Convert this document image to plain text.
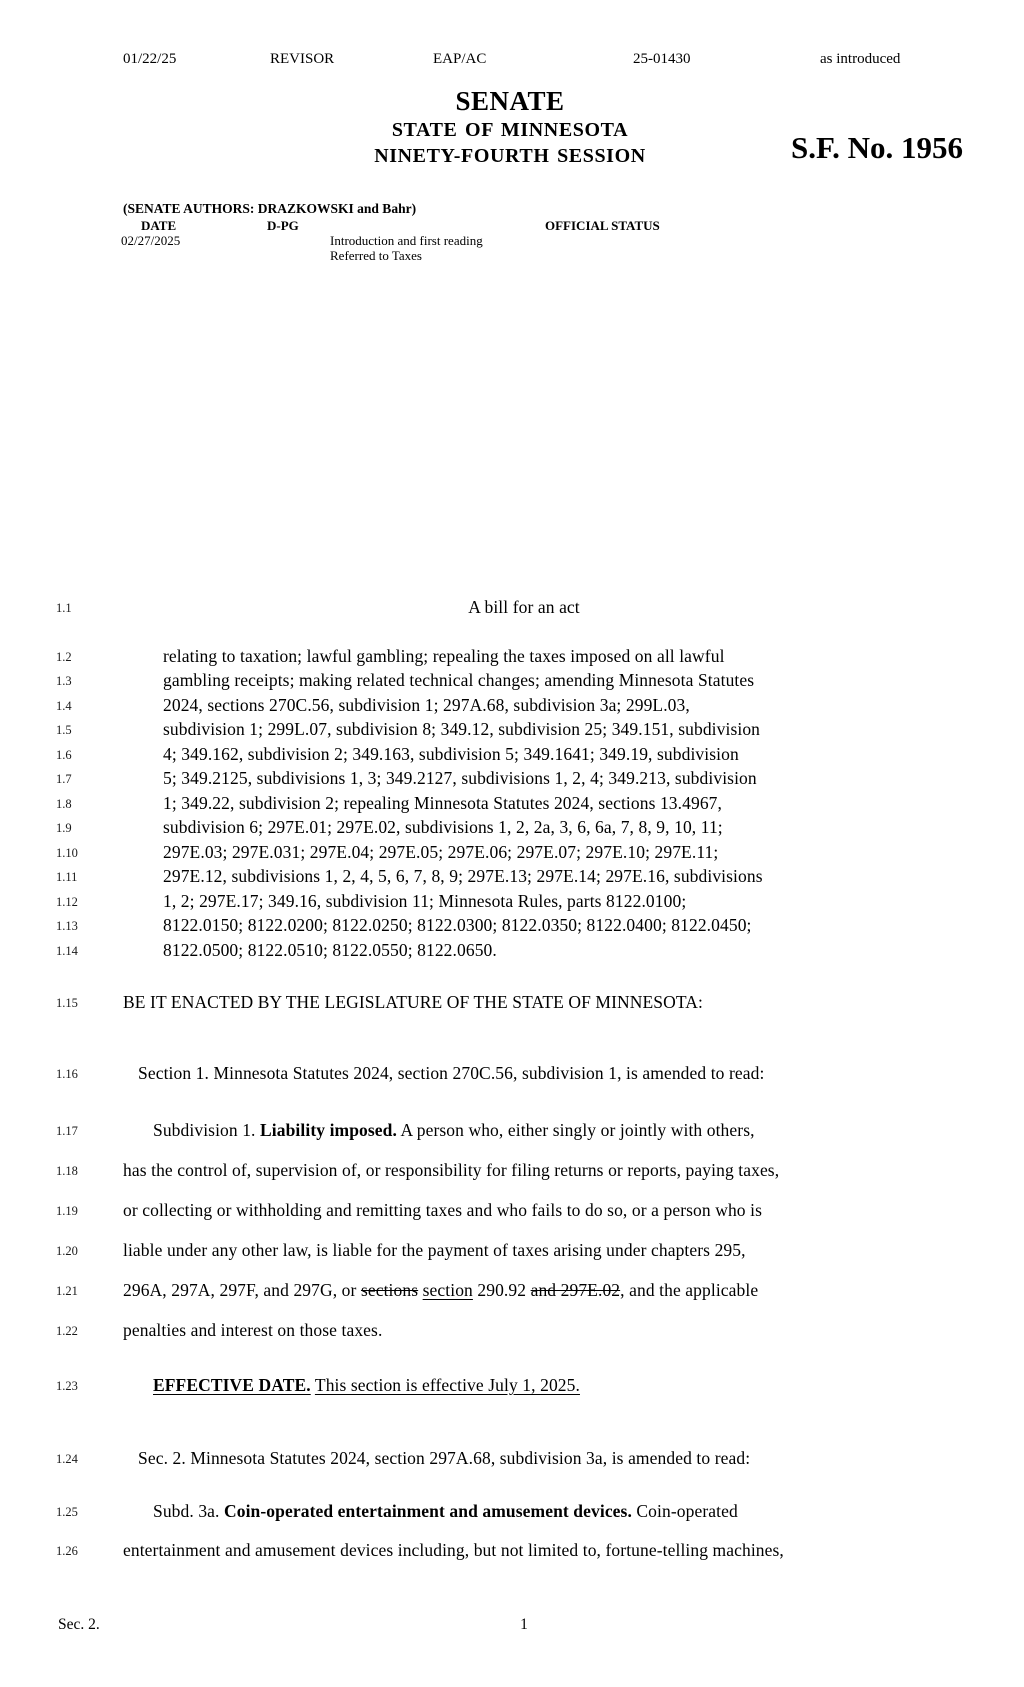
01/22/25	REVISOR	EAP/AC	25-01430	as introduced
SENATE
STATE OF MINNESOTA
NINETY-FOURTH SESSION	S.F. No. 1956
(SENATE AUTHORS: DRAZKOWSKI and Bahr)
DATE	D-PG	OFFICIAL STATUS
02/27/2025	Introduction and first reading
Referred to Taxes
1.1	A bill for an act
1.2	relating to taxation; lawful gambling; repealing the taxes imposed on all lawful
1.3	gambling receipts; making related technical changes; amending Minnesota Statutes
1.4	2024, sections 270C.56, subdivision 1; 297A.68, subdivision 3a; 299L.03,
1.5	subdivision 1; 299L.07, subdivision 8; 349.12, subdivision 25; 349.151, subdivision
1.6	4; 349.162, subdivision 2; 349.163, subdivision 5; 349.1641; 349.19, subdivision
1.7	5; 349.2125, subdivisions 1, 3; 349.2127, subdivisions 1, 2, 4; 349.213, subdivision
1.8	1; 349.22, subdivision 2; repealing Minnesota Statutes 2024, sections 13.4967,
1.9	subdivision 6; 297E.01; 297E.02, subdivisions 1, 2, 2a, 3, 6, 6a, 7, 8, 9, 10, 11;
1.10	297E.03; 297E.031; 297E.04; 297E.05; 297E.06; 297E.07; 297E.10; 297E.11;
1.11	297E.12, subdivisions 1, 2, 4, 5, 6, 7, 8, 9; 297E.13; 297E.14; 297E.16, subdivisions
1.12	1, 2; 297E.17; 349.16, subdivision 11; Minnesota Rules, parts 8122.0100;
1.13	8122.0150; 8122.0200; 8122.0250; 8122.0300; 8122.0350; 8122.0400; 8122.0450;
1.14	8122.0500; 8122.0510; 8122.0550; 8122.0650.
1.15	BE IT ENACTED BY THE LEGISLATURE OF THE STATE OF MINNESOTA:
1.16	Section 1. Minnesota Statutes 2024, section 270C.56, subdivision 1, is amended to read:
1.17	Subdivision 1. Liability imposed. A person who, either singly or jointly with others,
1.18	has the control of, supervision of, or responsibility for filing returns or reports, paying taxes,
1.19	or collecting or withholding and remitting taxes and who fails to do so, or a person who is
1.20	liable under any other law, is liable for the payment of taxes arising under chapters 295,
1.21	296A, 297A, 297F, and 297G, or sections section 290.92 and 297E.02, and the applicable
1.22	penalties and interest on those taxes.
1.23	EFFECTIVE DATE. This section is effective July 1, 2025.
1.24	Sec. 2. Minnesota Statutes 2024, section 297A.68, subdivision 3a, is amended to read:
1.25	Subd. 3a. Coin-operated entertainment and amusement devices. Coin-operated
1.26	entertainment and amusement devices including, but not limited to, fortune-telling machines,
Sec. 2.	1
